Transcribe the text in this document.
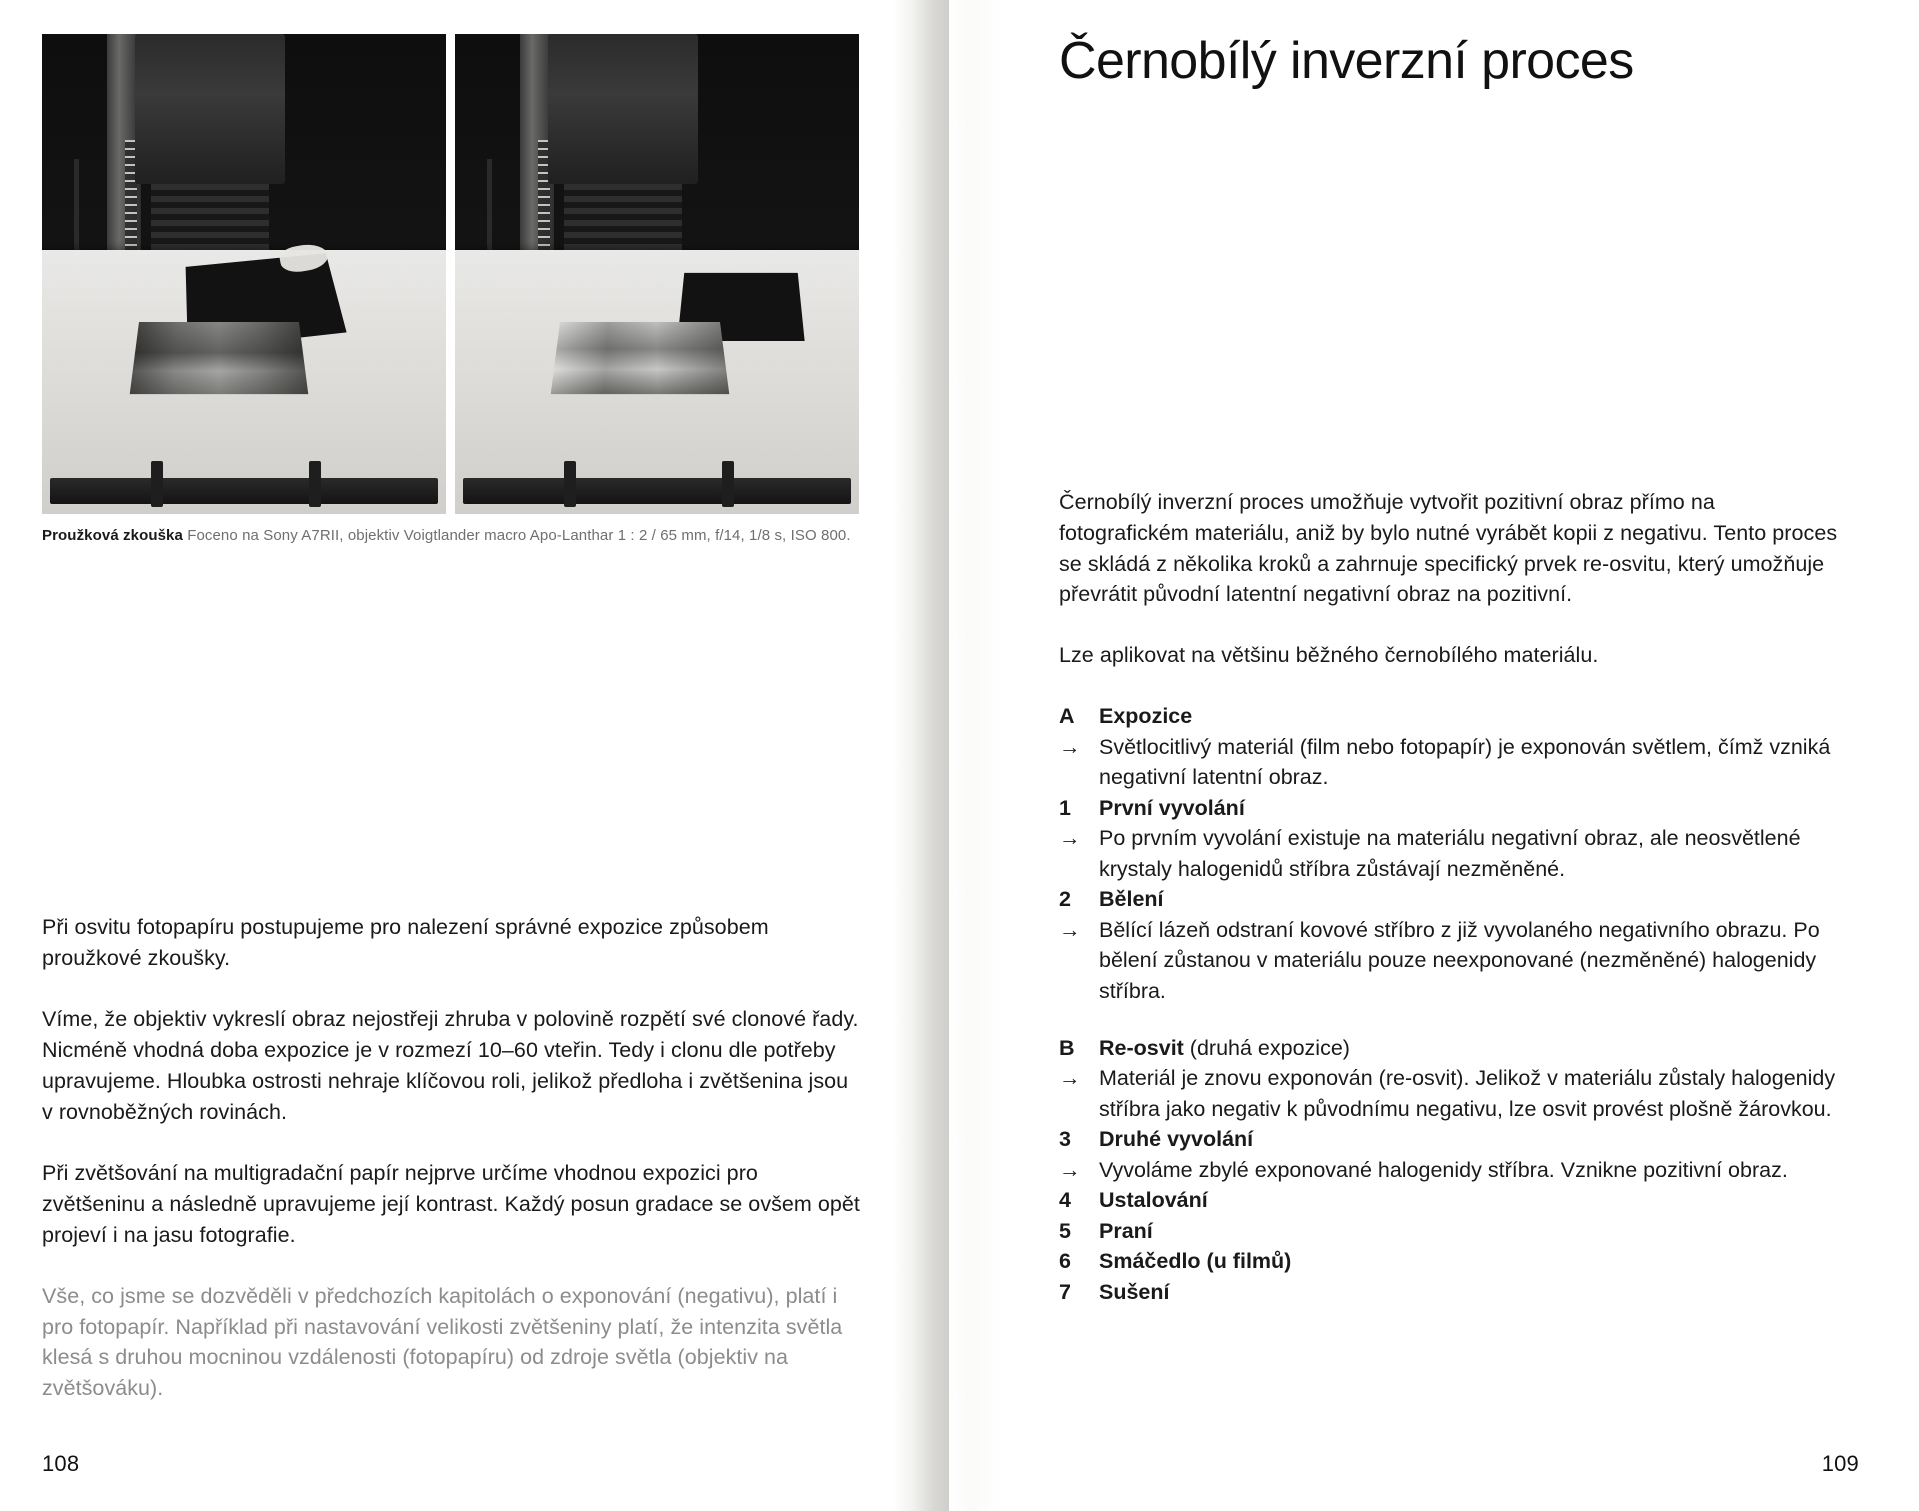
Proužková zkouška Foceno na Sony A7RII, objektiv Voigtlander macro Apo-Lanthar 1 : 2 / 65 mm, f/14, 1/8 s, ISO 800.

Při osvitu fotopapíru postupujeme pro nalezení správné expozice způsobem proužkové zkoušky.

Víme, že objektiv vykreslí obraz nejostřeji zhruba v polovině rozpětí své clonové řady. Nicméně vhodná doba expozice je v rozmezí 10–60 vteřin. Tedy i clonu dle potřeby upravujeme. Hloubka ostrosti nehraje klíčovou roli, jelikož předloha i zvětšenina jsou v rovnoběžných rovinách.

Při zvětšování na multigradační papír nejprve určíme vhodnou expozici pro zvětšeninu a následně upravujeme její kontrast. Každý posun gradace se ovšem opět projeví i na jasu fotografie.

Vše, co jsme se dozvěděli v předchozích kapitolách o exponování (negativu), platí i pro fotopapír. Například při nastavování velikosti zvětšeniny platí, že intenzita světla klesá s druhou mocninou vzdálenosti (fotopapíru) od zdroje světla (objektiv na zvětšováku).

108
Černobílý inverzní proces

Černobílý inverzní proces umožňuje vytvořit pozitivní obraz přímo na fotografickém materiálu, aniž by bylo nutné vyrábět kopii z negativu. Tento proces se skládá z několika kroků a zahrnuje specifický prvek re-osvitu, který umožňuje převrátit původní latentní negativní obraz na pozitivní.

Lze aplikovat na většinu běžného černobílého materiálu.

A	Expozice
→ Světlocitlivý materiál (film nebo fotopapír) je exponován světlem, čímž vzniká negativní latentní obraz.
1	První vyvolání
→ Po prvním vyvolání existuje na materiálu negativní obraz, ale neosvětlené krystaly halogenidů stříbra zůstávají nezměněné.
2	Bělení
→ Bělící lázeň odstraní kovové stříbro z již vyvolaného negativního obrazu. Po bělení zůstanou v materiálu pouze neexponované (nezměněné) halogenidy stříbra.
B	Re-osvit (druhá expozice)
→ Materiál je znovu exponován (re-osvit). Jelikož v materiálu zůstaly halogenidy stříbra jako negativ k původnímu negativu, lze osvit provést plošně žárovkou.
3	Druhé vyvolání
→ Vyvoláme zbylé exponované halogenidy stříbra. Vznikne pozitivní obraz.
4	Ustalování
5	Praní
6	Smáčedlo (u filmů)
7	Sušení
109
